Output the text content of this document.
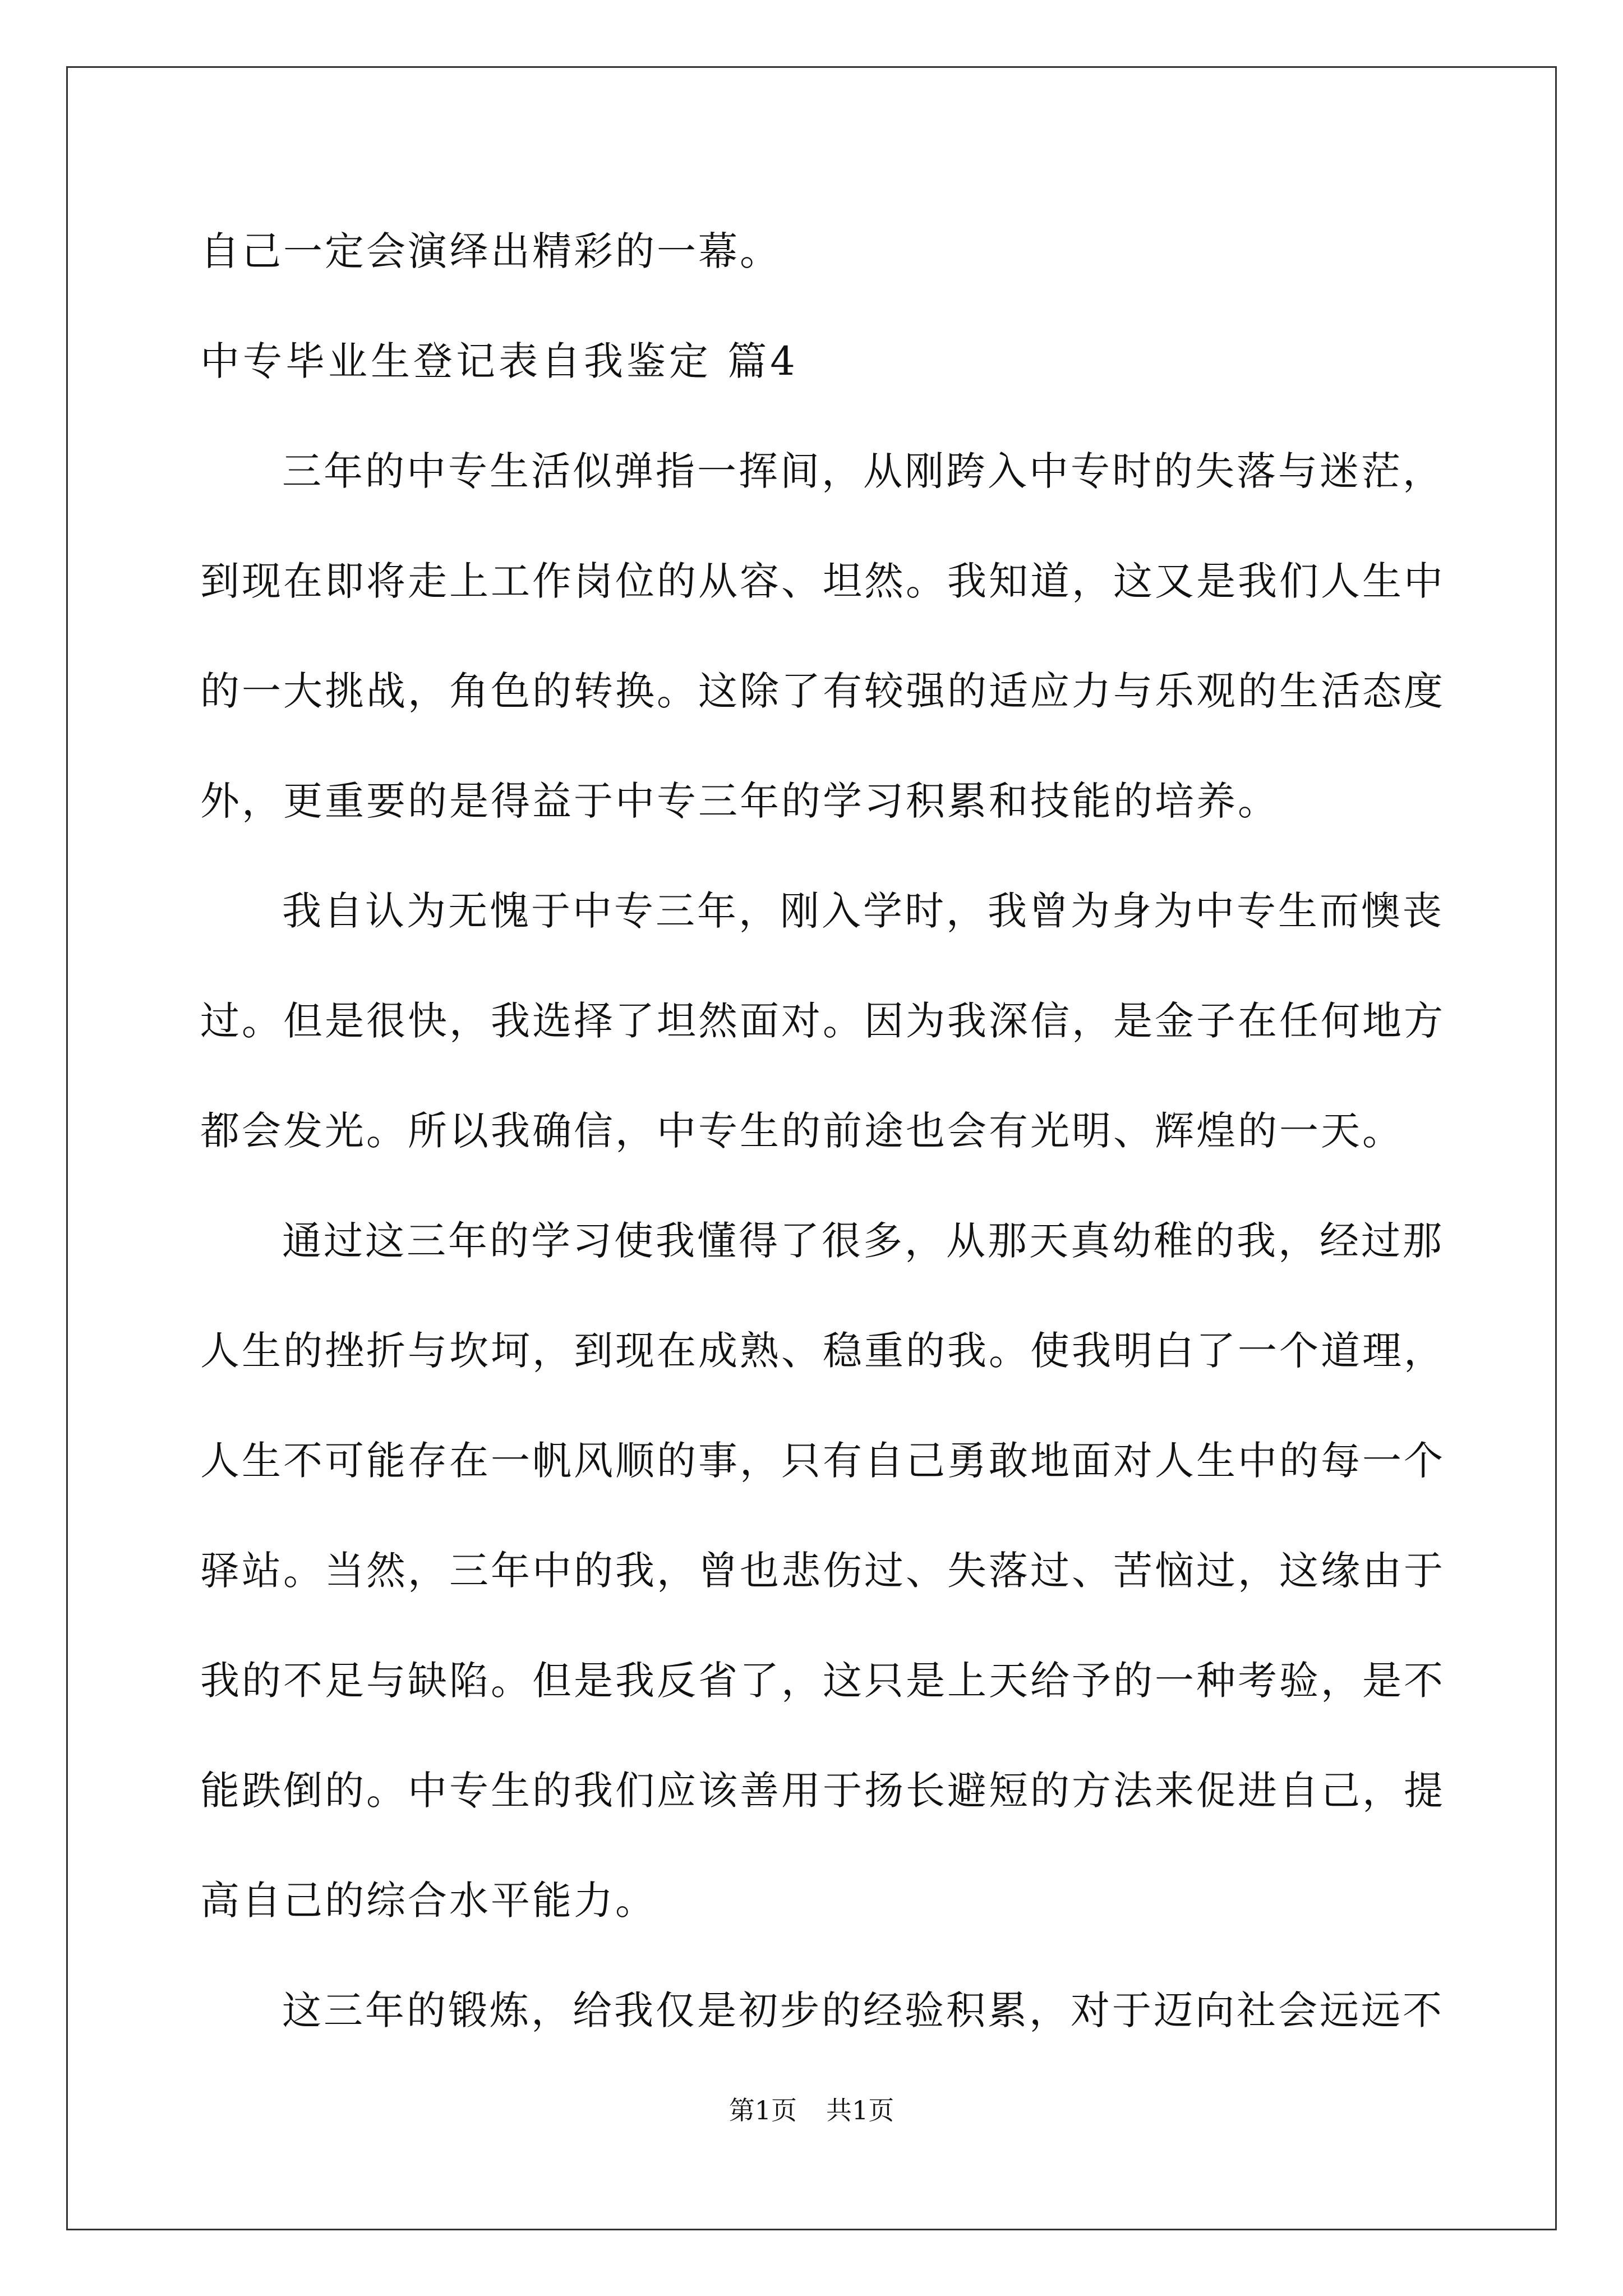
自己一定会演绎出精彩的一幕。
中专毕业生登记表自我鉴定 篇4
三年的中专生活似弹指一挥间，从刚跨入中专时的失落与迷茫，
到现在即将走上工作岗位的从容、坦然。我知道，这又是我们人生中
的一大挑战，角色的转换。这除了有较强的适应力与乐观的生活态度
外，更重要的是得益于中专三年的学习积累和技能的培养。
我自认为无愧于中专三年，刚入学时，我曾为身为中专生而懊丧
过。但是很快，我选择了坦然面对。因为我深信，是金子在任何地方
都会发光。所以我确信，中专生的前途也会有光明、辉煌的一天。
通过这三年的学习使我懂得了很多，从那天真幼稚的我，经过那
人生的挫折与坎坷，到现在成熟、稳重的我。使我明白了一个道理，
人生不可能存在一帆风顺的事，只有自己勇敢地面对人生中的每一个
驿站。当然，三年中的我，曾也悲伤过、失落过、苦恼过，这缘由于
我的不足与缺陷。但是我反省了，这只是上天给予的一种考验，是不
能跌倒的。中专生的我们应该善用于扬长避短的方法来促进自己，提
高自己的综合水平能力。
这三年的锻炼，给我仅是初步的经验积累，对于迈向社会远远不
第1页 共1页
